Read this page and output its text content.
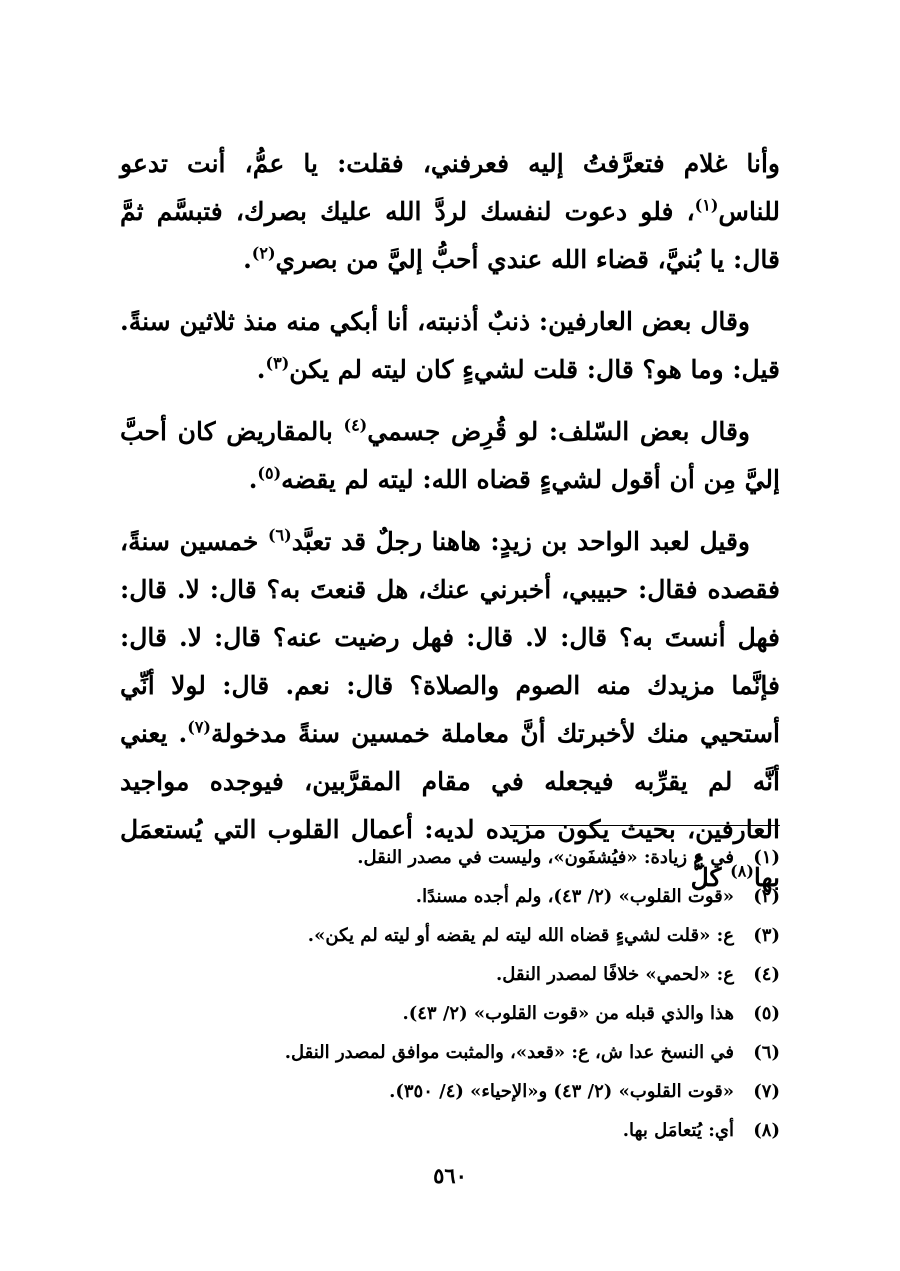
وأنا غلام فتعرَّفتُ إليه فعرفني، فقلت: يا عمُّ، أنت تدعو للناس$^{(١)}$، فلو دعوت لنفسك لردَّ الله عليك بصرك، فتبسَّم ثمَّ قال: يا بُنيَّ، قضاء الله عندي أحبُّ إليَّ من بصري$^{(٢)}$.

وقال بعض العارفين: ذنبٌ أذنبته، أنا أبكي منه منذ ثلاثين سنةً. قيل: وما هو؟ قال: قلت لشيءٍ كان ليته لم يكن$^{(٣)}$.

وقال بعض السّلف: لو قُرِض جسمي$^{(٤)}$ بالمقاريض كان أحبَّ إليَّ مِن أن أقول لشيءٍ قضاه الله: ليته لم يقضه$^{(٥)}$.

وقيل لعبد الواحد بن زيدٍ: هاهنا رجلٌ قد تعبَّد$^{(٦)}$ خمسين سنةً، فقصده فقال: حبيبي، أخبرني عنك، هل قنعتَ به؟ قال: لا. قال: فهل أنستَ به؟ قال: لا. قال: فهل رضيت عنه؟ قال: لا. قال: فإنَّما مزيدك منه الصوم والصلاة؟ قال: نعم. قال: لولا أنِّي أستحيي منك لأخبرتك أنَّ معاملة خمسين سنةً مدخولة$^{(٧)}$. يعني أنَّه لم يقرِّبه فيجعله في مقام المقرَّبين، فيوجده مواجيد العارفين، بحيث يكون مزيده لديه: أعمال القلوب التي يُستعمَل بها$^{(٨)}$ كلُّ

(١)
في ع زيادة: «فيُشفَون»، وليست في مصدر النقل.
(٢)
«قوت القلوب» (٢/ ٤٣)، ولم أجده مسندًا.
(٣)
ع: «قلت لشيءٍ قضاه الله ليته لم يقضه أو ليته لم يكن».
(٤)
ع: «لحمي» خلافًا لمصدر النقل.
(٥)
هذا والذي قبله من «قوت القلوب» (٢/ ٤٣).
(٦)
في النسخ عدا ش، ع: «قعد»، والمثبت موافق لمصدر النقل.
(٧)
«قوت القلوب» (٢/ ٤٣) و«الإحياء» (٤/ ٣٥٠).
(٨)
أي: يُتعامَل بها.
٥٦٠
